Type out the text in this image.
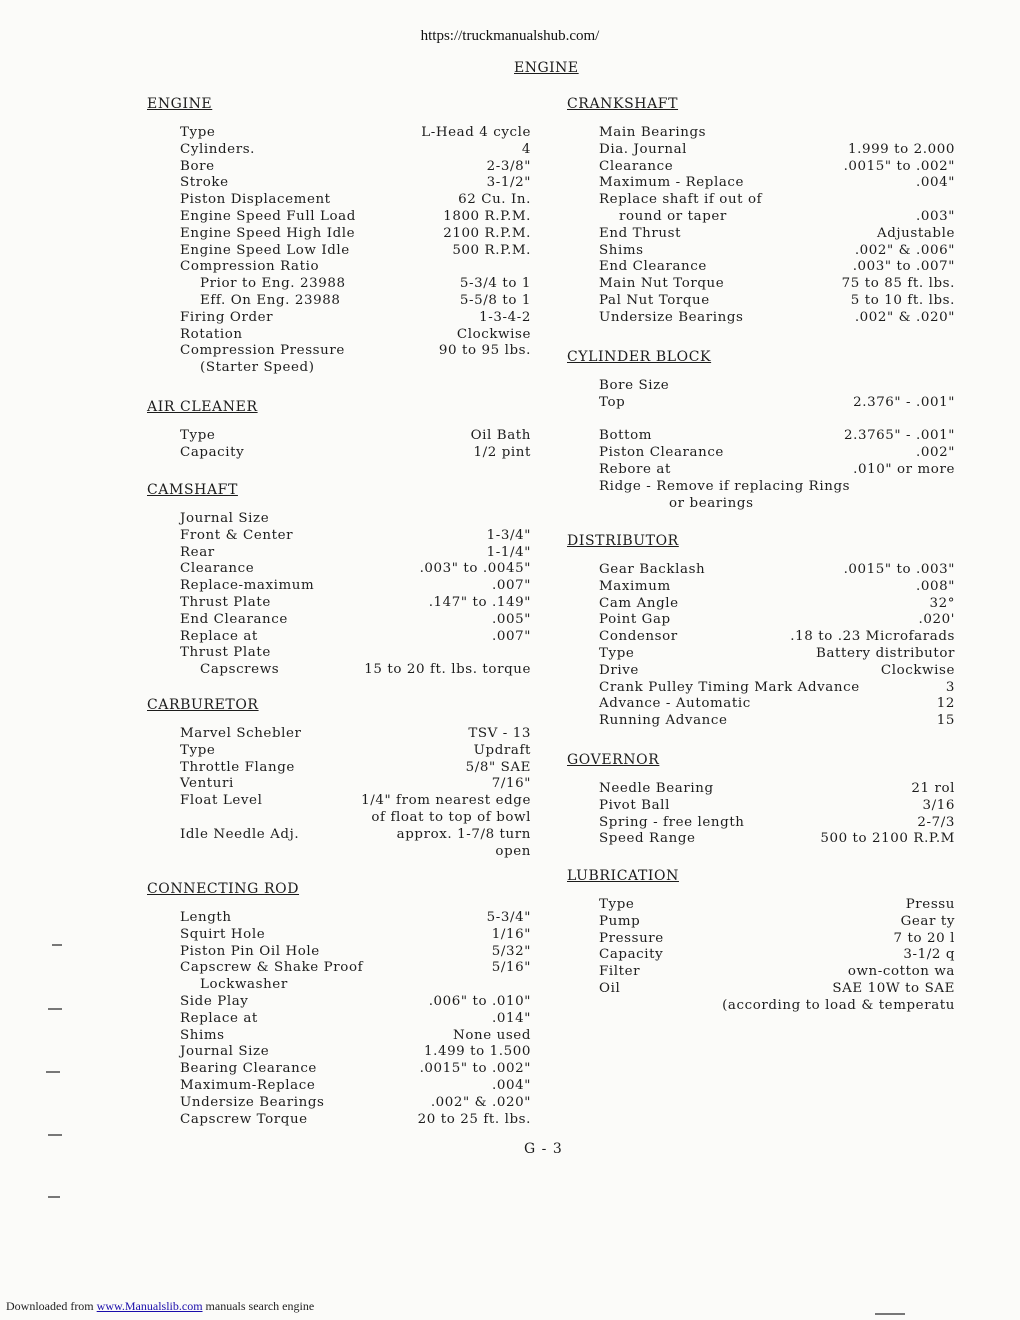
https://truckmanualshub.com/
ENGINE
ENGINE
Type	L-Head 4 cycle
Cylinders.	4
Bore	2-3/8"
Stroke	3-1/2"
Piston Displacement	62 Cu. In.
Engine Speed Full Load	1800 R.P.M.
Engine Speed High Idle	2100 R.P.M.
Engine Speed Low Idle	500 R.P.M.
Compression Ratio
Prior to Eng. 23988	5-3/4 to 1
Eff. On Eng. 23988	5-5/8 to 1
Firing Order	1-3-4-2
Rotation	Clockwise
Compression Pressure	90 to 95 lbs.
(Starter Speed)
AIR CLEANER
Type	Oil Bath
Capacity	1/2 pint
CAMSHAFT
Journal Size
Front & Center	1-3/4"
Rear	1-1/4"
Clearance	.003" to .0045"
Replace-maximum	.007"
Thrust Plate	.147" to .149"
End Clearance	.005"
Replace at	.007"
Thrust Plate
Capscrews	15 to 20 ft. lbs. torque
CARBURETOR
Marvel Schebler	TSV - 13
Type	Updraft
Throttle Flange	5/8" SAE
Venturi	7/16"
Float Level	1/4" from nearest edge
of float to top of bowl
Idle Needle Adj.	approx. 1-7/8 turn
open
CONNECTING ROD
Length	5-3/4"
Squirt Hole	1/16"
Piston Pin Oil Hole	5/32"
Capscrew & Shake Proof	5/16"
Lockwasher
Side Play	.006" to .010"
Replace at	.014"
Shims	None used
Journal Size	1.499 to 1.500
Bearing Clearance	.0015" to .002"
Maximum-Replace	.004"
Undersize Bearings	.002" & .020"
Capscrew Torque	20 to 25 ft. lbs.
CRANKSHAFT
Main Bearings
Dia. Journal	1.999 to 2.000
Clearance	.0015" to .002"
Maximum - Replace	.004"
Replace shaft if out of
round or taper	.003"
End Thrust	Adjustable
Shims	.002" & .006"
End Clearance	.003" to .007"
Main Nut Torque	75 to 85 ft. lbs.
Pal Nut Torque	5 to 10 ft. lbs.
Undersize Bearings	.002" & .020"
CYLINDER BLOCK
Bore Size
Top	2.376" - .001"
Bottom	2.3765" - .001"
Piston Clearance	.002"
Rebore at	.010" or more
Ridge - Remove if replacing Rings
or bearings
DISTRIBUTOR
Gear Backlash	.0015" to .003"
Maximum	.008"
Cam Angle	32°
Point Gap	.020'
Condensor	.18 to .23 Microfarads
Type	Battery distributor
Drive	Clockwise
Crank Pulley Timing Mark Advance	3
Advance - Automatic	12
Running Advance	15
GOVERNOR
Needle Bearing	21 rol
Pivot Ball	3/16
Spring - free length	2-7/3
Speed Range	500 to 2100 R.P.M
LUBRICATION
Type	Pressu
Pump	Gear ty
Pressure	7 to 20 l
Capacity	3-1/2 q
Filter	own-cotton wa
Oil	SAE 10W to SAE
(according to load & temperatu
G - 3
Downloaded from www.Manualslib.com manuals search engine
